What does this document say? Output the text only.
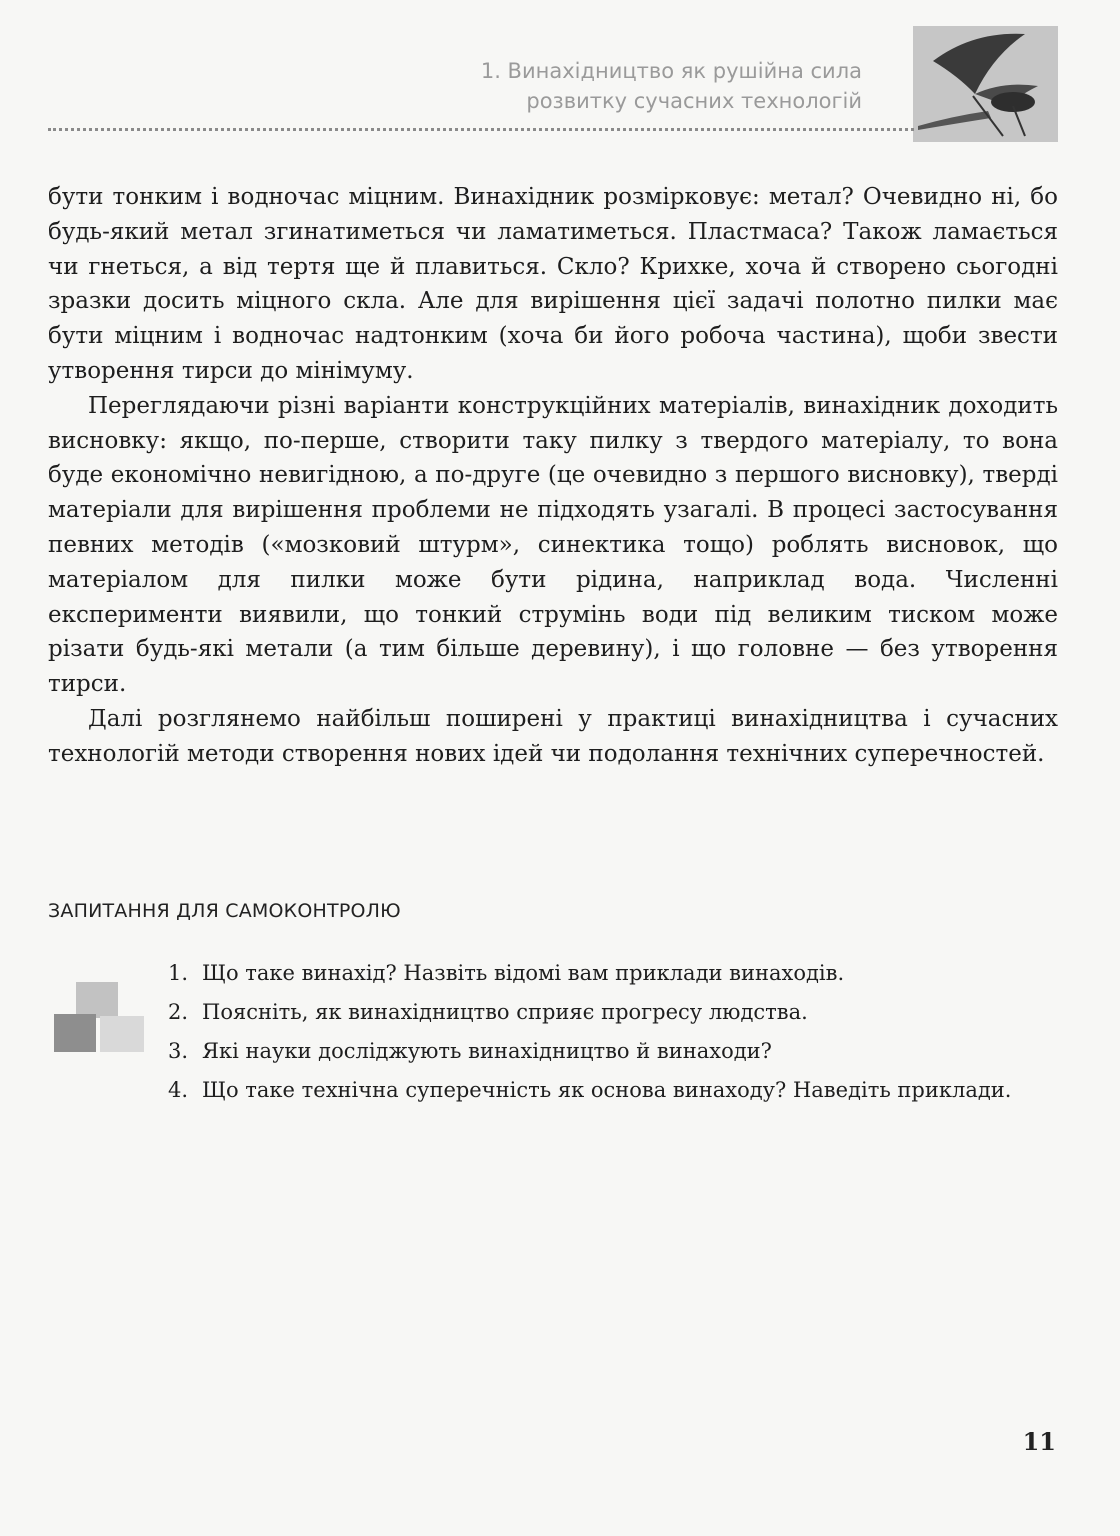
1. Винахідництво як рушійна сила
розвитку сучасних технологій

бути тонким і водночас міцним. Винахідник розмірковує: метал? Очевидно ні, бо будь-який метал згинатиметься чи ламатиметься. Пластмаса? Також ламається чи гнеться, а від тертя ще й плавиться. Скло? Крихке, хоча й створено сьогодні зразки досить міцного скла. Але для вирішення цієї задачі полотно пилки має бути міцним і водночас надтонким (хоча би його робоча частина), щоби звести утворення тирси до мінімуму.

Переглядаючи різні варіанти конструкційних матеріалів, винахідник доходить висновку: якщо, по-перше, створити таку пилку з твердого матеріалу, то вона буде економічно невигідною, а по-друге (це очевидно з першого висновку), тверді матеріали для вирішення проблеми не підходять узагалі. В процесі застосування певних методів («мозковий штурм», синектика тощо) роблять висновок, що матеріалом для пилки може бути рідина, наприклад вода. Численні експерименти виявили, що тонкий струмінь води під великим тиском може різати будь-які метали (а тим більше деревину), і що головне — без утворення тирси.

Далі розглянемо найбільш поширені у практиці винахідництва і сучасних технологій методи створення нових ідей чи подолання технічних суперечностей.

ЗАПИТАННЯ ДЛЯ САМОКОНТРОЛЮ
1. Що таке винахід? Назвіть відомі вам приклади винаходів.
2. Поясніть, як винахідництво сприяє прогресу людства.
3. Які науки досліджують винахідництво й винаходи?
4. Що таке технічна суперечність як основа винаходу? Наведіть приклади.
11
